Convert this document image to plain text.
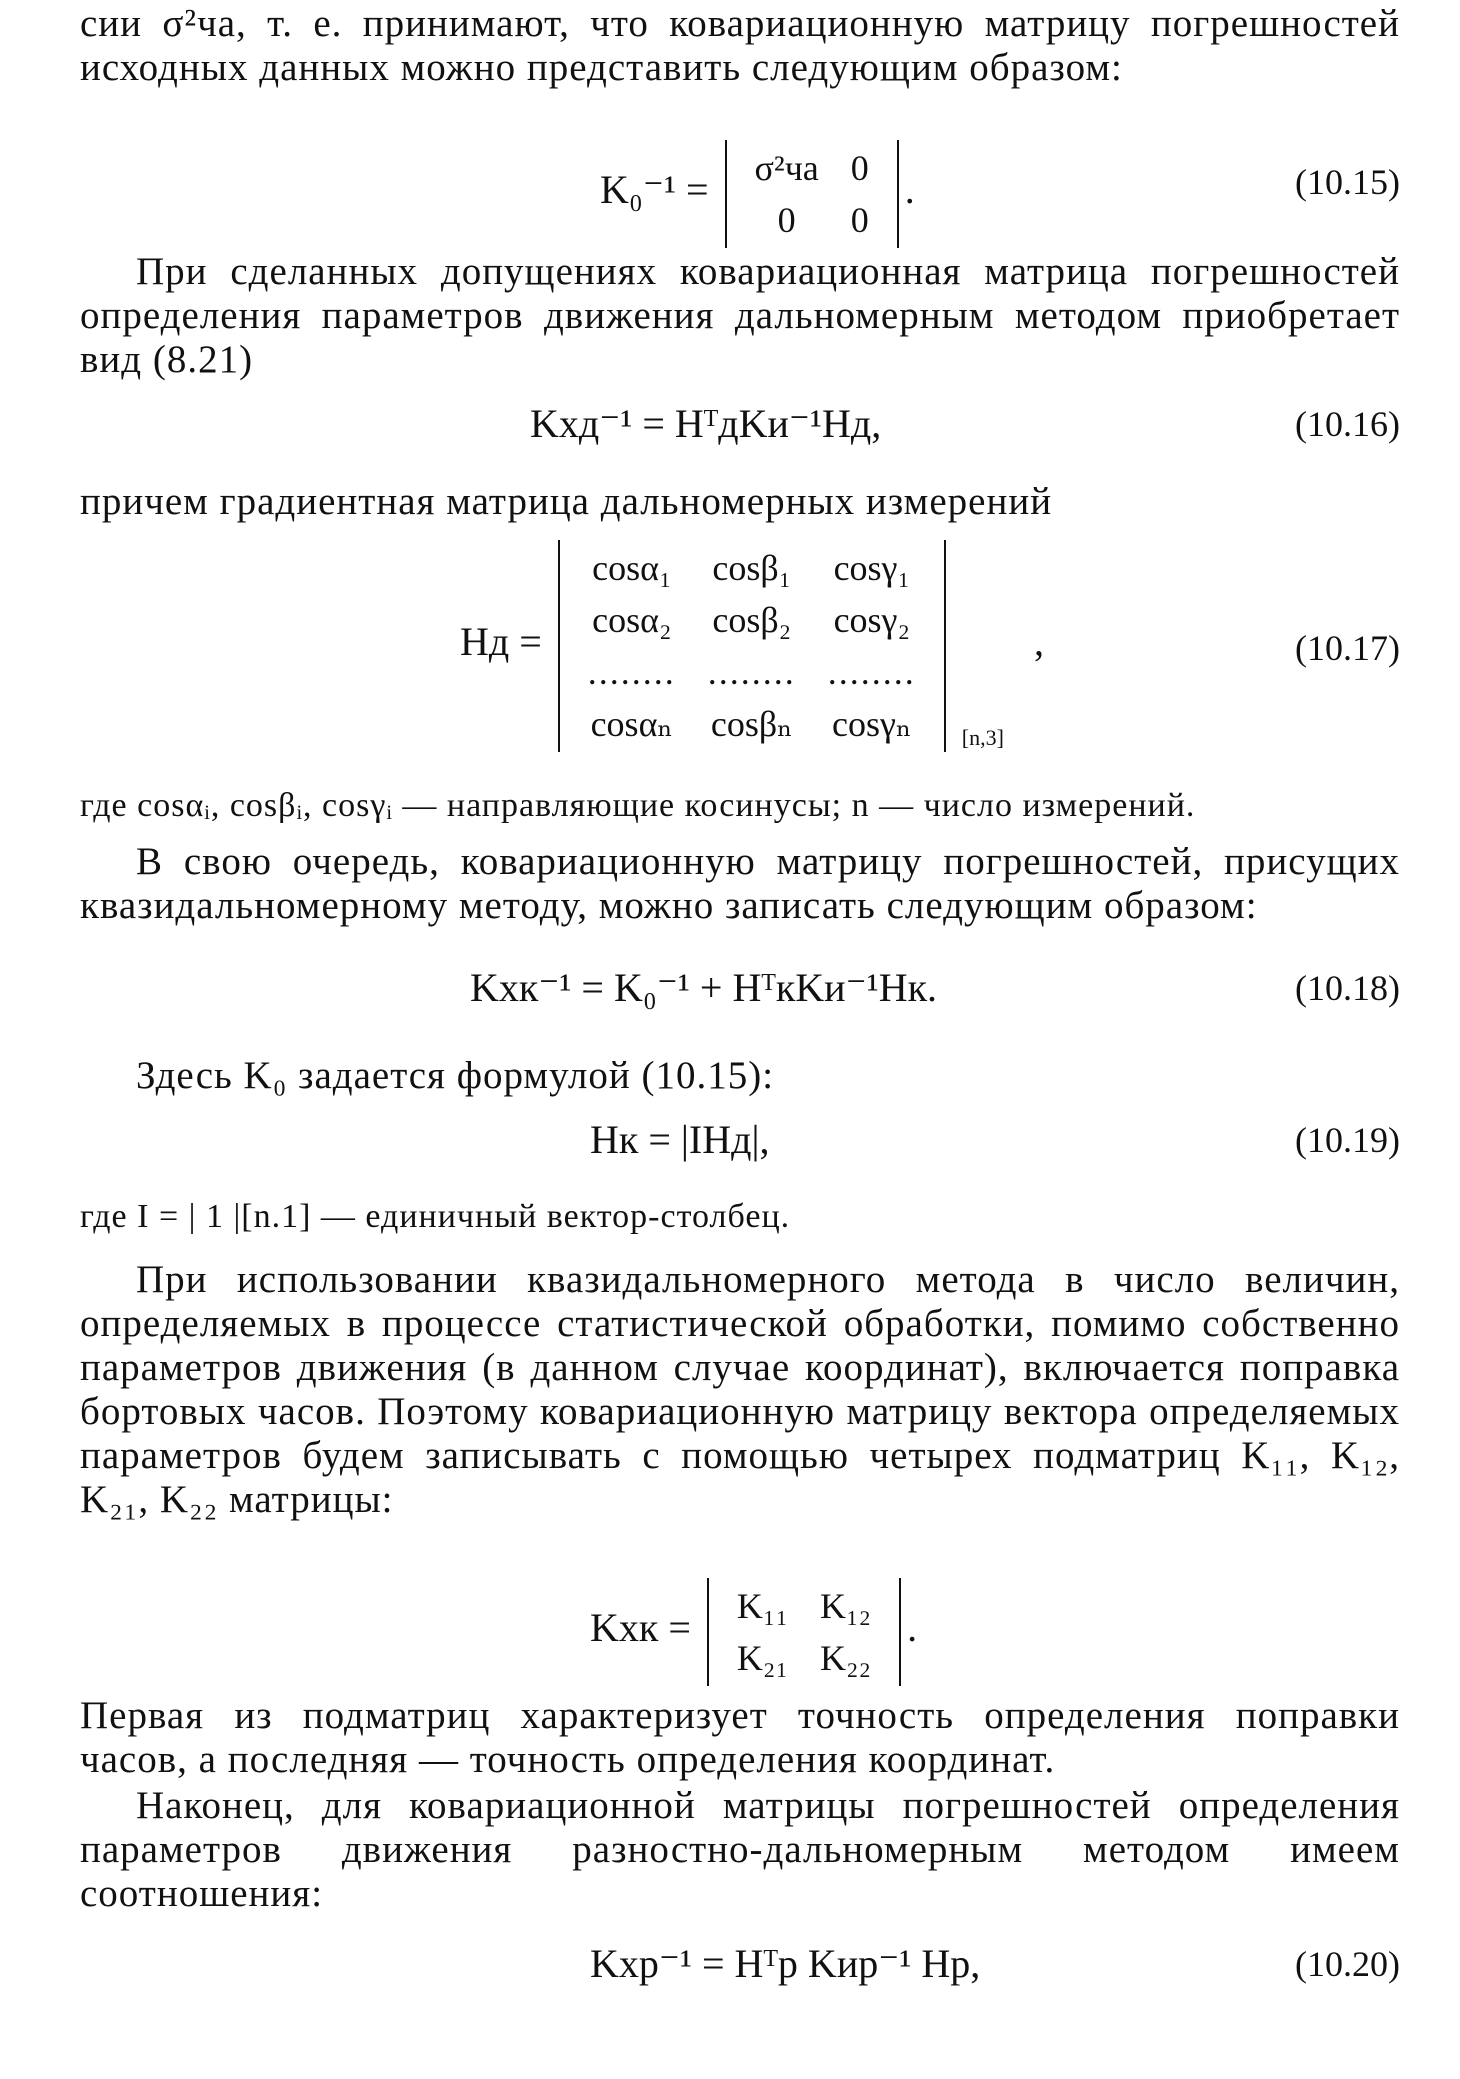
сии σ²ча, т. е. принимают, что ковариационную матрицу погрешностей исходных данных можно представить следующим образом:

K₀⁻¹ = σ²ча	0
0	0
.	(10.15)

При сделанных допущениях ковариационная матрица погрешностей определения параметров движения дальномерным методом приобретает вид (8.21)

Kxд⁻¹ = HᵀдKи⁻¹Hд,	(10.16)

причем градиентная матрица дальномерных измерений

Hд =
cosα₁	cosβ₁	cosγ₁
cosα₂	cosβ₂	cosγ₂
........	........	........
cosαₙ	cosβₙ	cosγₙ $_{[n,3]}$ ,	(10.17)

где cosαᵢ, cosβᵢ, cosγᵢ — направляющие косинусы; n — число измерений.

В свою очередь, ковариационную матрицу погрешностей, присущих квазидальномерному методу, можно записать следующим образом:

Kxк⁻¹ = K₀⁻¹ + HᵀкKи⁻¹Hк.	(10.18)

Здесь K₀ задается формулой (10.15):

Hк = |IHд|,	(10.19)

где I = | 1 |[n.1] — единичный вектор-столбец.

При использовании квазидальномерного метода в число величин, определяемых в процессе статистической обработки, помимо собственно параметров движения (в данном случае координат), включается поправка бортовых часов. Поэтому ковариационную матрицу вектора определяемых параметров будем записывать с помощью четырех подматриц K₁₁, K₁₂, K₂₁, K₂₂ матрицы:

Kxк = K₁₁	K₁₂
K₂₁	K₂₂
.

Первая из подматриц характеризует точность определения поправки часов, а последняя — точность определения координат.

Наконец, для ковариационной матрицы погрешностей определения параметров движения разностно-дальномерным методом имеем соотношения:

Kxр⁻¹ = Hᵀр Kир⁻¹ Hр,	(10.20)
